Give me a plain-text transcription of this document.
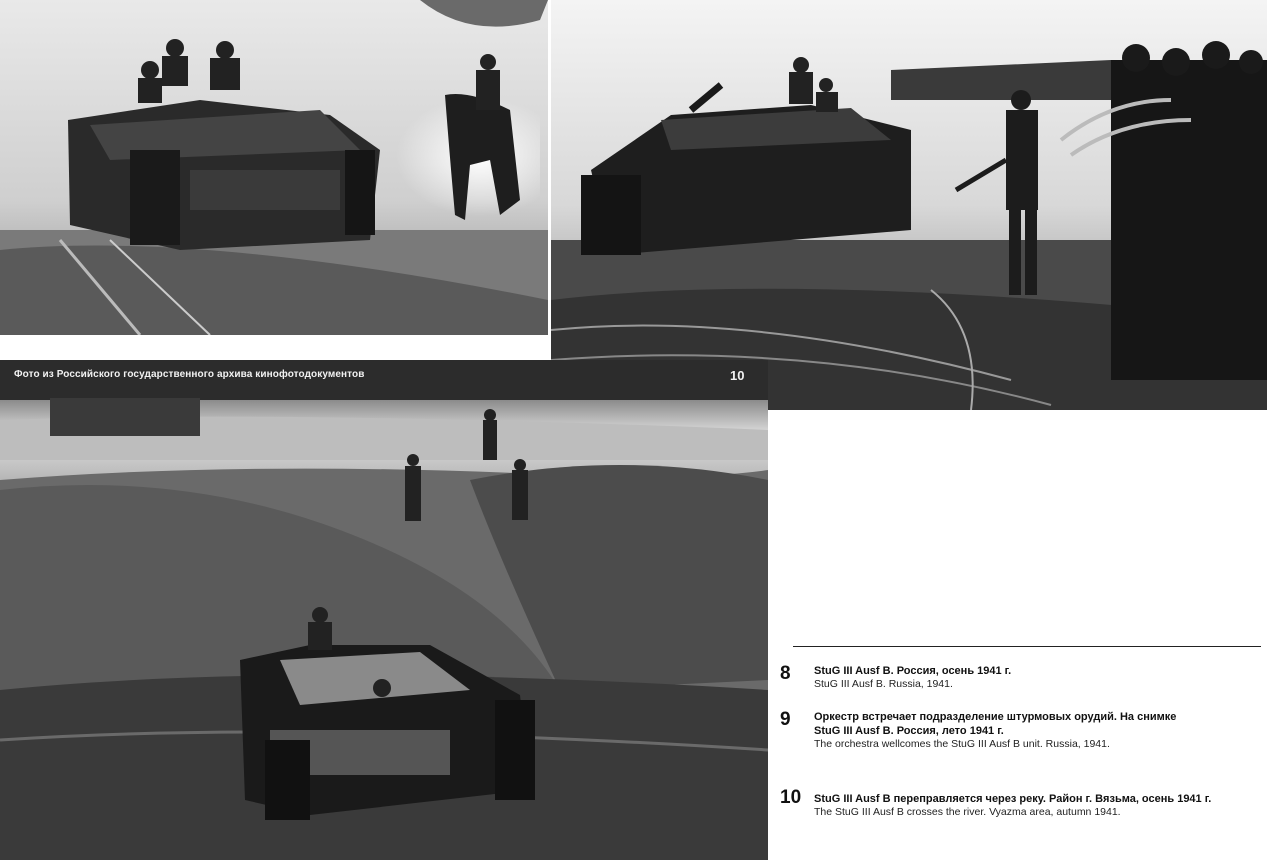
Фото из Российского государственного архива кинофотодокументов	10
8 StuG III Ausf B. Россия, осень 1941 г.
StuG III Ausf B. Russia, 1941.
9 Оркестр встречает подразделение штурмовых орудий. На снимке
StuG III Ausf B. Россия, лето 1941 г.
The orchestra wellcomes the StuG III Ausf B unit. Russia, 1941.
10 StuG III Ausf B переправляется через реку. Район г. Вязьма, осень 1941 г.
The StuG III Ausf B crosses the river. Vyazma area, autumn 1941.
